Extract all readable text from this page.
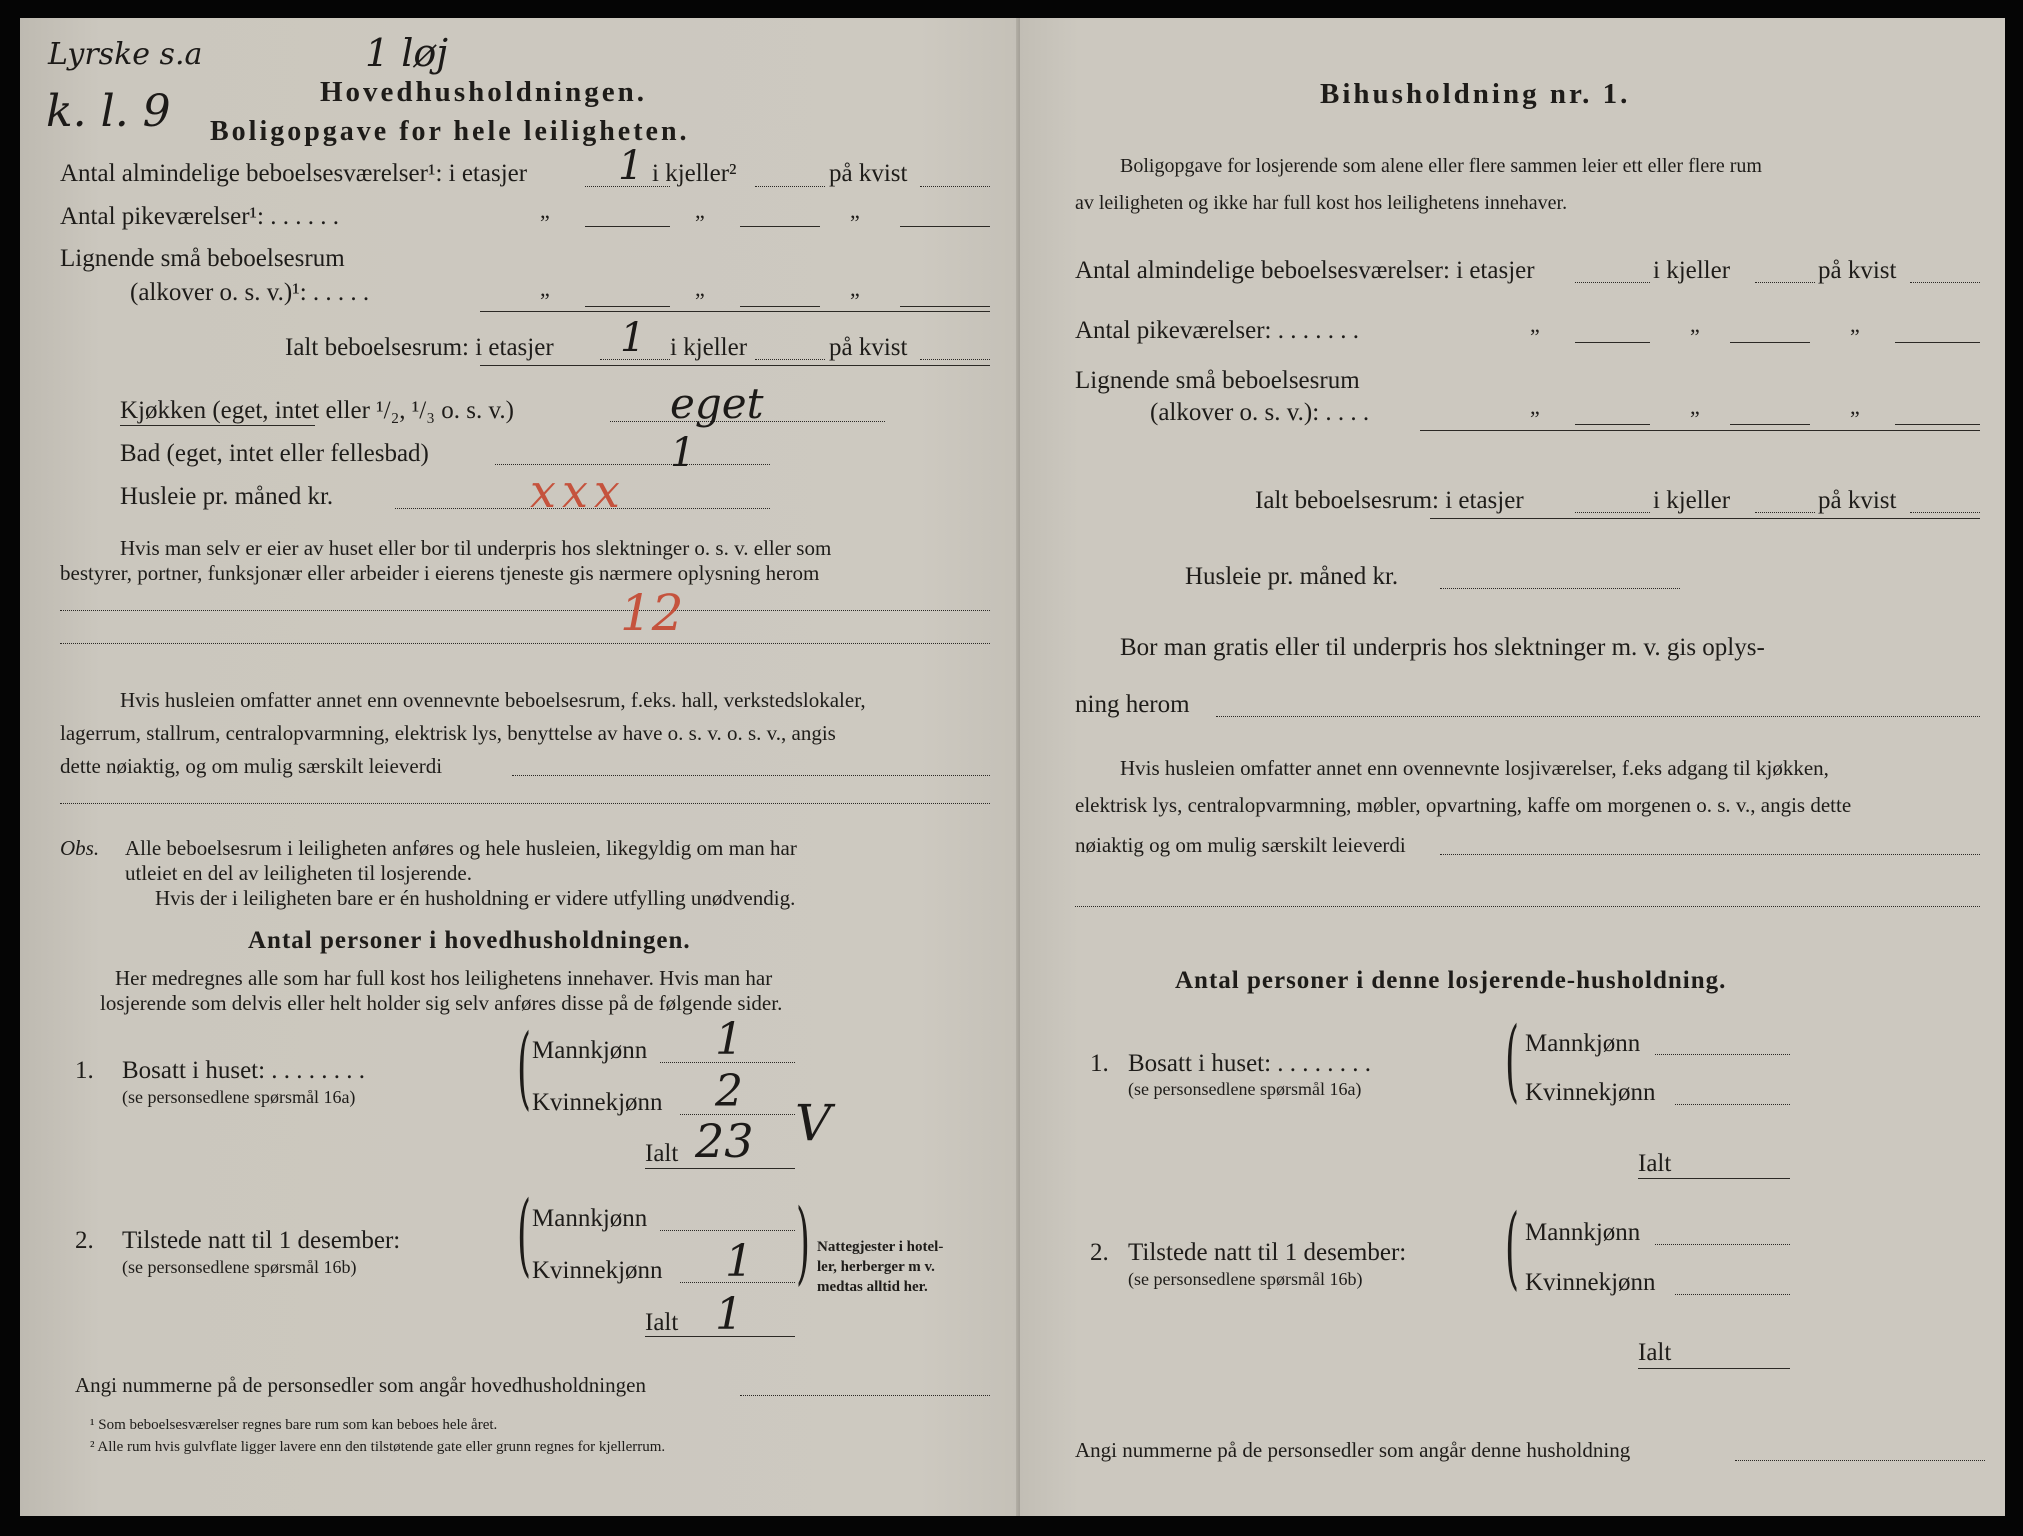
Lyrske s.a	1 løj
k. l. 9	Hovedhusholdningen.
Boligopgave for hele leiligheten.
Antal almindelige beboelsesværelser¹: i etasjer 1 i kjeller²	på kvist
Antal pikeværelser¹: . . . . . .	„	„	„
Lignende små beboelsesrum
(alkover o. s. v.)¹: . . . . .	„	„	„
Ialt beboelsesrum: i etasjer 1 i kjeller	på kvist
Kjøkken (eget, intet eller ¹/₂, ¹/₃ o. s. v.)	eget
Bad (eget, intet eller fellesbad)	1
Husleie pr. måned kr.	xxx
Hvis man selv er eier av huset eller bor til underpris hos slektninger o. s. v. eller som
bestyrer, portner, funksjonær eller arbeider i eierens tjeneste gis nærmere oplysning herom
12
Hvis husleien omfatter annet enn ovennevnte beboelsesrum, f.eks. hall, verkstedslokaler,
lagerrum, stallrum, centralopvarmning, elektrisk lys, benyttelse av have o. s. v. o. s. v., angis
dette nøiaktig, og om mulig særskilt leieverdi
Obs. Alle beboelsesrum i leiligheten anføres og hele husleien, likegyldig om man har
utleiet en del av leiligheten til losjerende.
Hvis der i leiligheten bare er én husholdning er videre utfylling unødvendig.
Antal personer i hovedhusholdningen.
Her medregnes alle som har full kost hos leilighetens innehaver. Hvis man har
losjerende som delvis eller helt holder sig selv anføres disse på de følgende sider.
1. Bosatt i huset: . . . . . . . .
(se personsedlene spørsmål 16a) ( Mannkjønn 1
Kvinnekjønn 2
Ialt 23 V
2. Tilstede natt til 1 desember:
(se personsedlene spørsmål 16b) ( Mannkjønn
Kvinnekjønn 1
Ialt 1
( Nattegjester i hotel-
ler, herberger m v.
medtas alltid her.
Angi nummerne på de personsedler som angår hovedhusholdningen
¹ Som beboelsesværelser regnes bare rum som kan beboes hele året.
² Alle rum hvis gulvflate ligger lavere enn den tilstøtende gate eller grunn regnes for kjellerrum.
Bihusholdning nr. 1.
Boligopgave for losjerende som alene eller flere sammen leier ett eller flere rum
av leiligheten og ikke har full kost hos leilighetens innehaver.
Antal almindelige beboelsesværelser: i etasjer	i kjeller	på kvist
Antal pikeværelser: . . . . . . .	„	„	„
Lignende små beboelsesrum
(alkover o. s. v.): . . . .	„	„	„
Ialt beboelsesrum: i etasjer	i kjeller	på kvist
Husleie pr. måned kr.
Bor man gratis eller til underpris hos slektninger m. v. gis oplys-
ning herom
Hvis husleien omfatter annet enn ovennevnte losjiværelser, f.eks adgang til kjøkken,
elektrisk lys, centralopvarmning, møbler, opvartning, kaffe om morgenen o. s. v., angis dette
nøiaktig og om mulig særskilt leieverdi
Antal personer i denne losjerende-husholdning.
1. Bosatt i huset: . . . . . . . .
(se personsedlene spørsmål 16a) ( Mannkjønn
Kvinnekjønn
Ialt
2. Tilstede natt til 1 desember:
(se personsedlene spørsmål 16b) ( Mannkjønn
Kvinnekjønn
Ialt
Angi nummerne på de personsedler som angår denne husholdning
